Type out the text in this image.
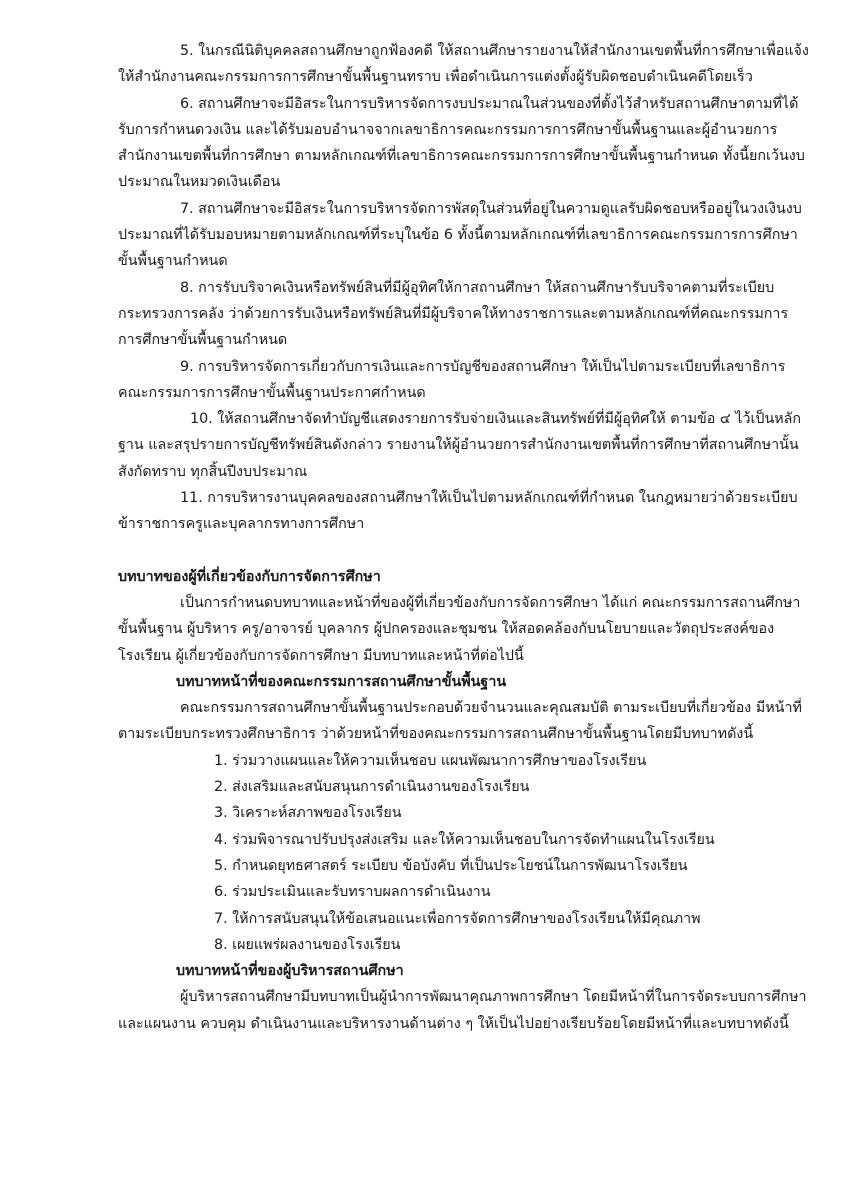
5. ในกรณีนิติบุคคลสถานศึกษาถูกฟ้องคดี ให้สถานศึกษารายงานให้สำนักงานเขตพื้นที่การศึกษาเพื่อแจ้งให้สำนักงานคณะกรรมการการศึกษาขั้นพื้นฐานทราบ เพื่อดำเนินการแต่งตั้งผู้รับผิดชอบดำเนินคดีโดยเร็ว

6. สถานศึกษาจะมีอิสระในการบริหารจัดการงบประมาณในส่วนของที่ตั้งไว้สำหรับสถานศึกษาตามที่ได้รับการกำหนดวงเงิน และได้รับมอบอำนาจจากเลขาธิการคณะกรรมการการศึกษาขั้นพื้นฐานและผู้อำนวยการสำนักงานเขตพื้นที่การศึกษา ตามหลักเกณฑ์ที่เลขาธิการคณะกรรมการการศึกษาขั้นพื้นฐานกำหนด ทั้งนี้ยกเว้นงบประมาณในหมวดเงินเดือน

7. สถานศึกษาจะมีอิสระในการบริหารจัดการพัสดุในส่วนที่อยู่ในความดูแลรับผิดชอบหรืออยู่ในวงเงินงบประมาณที่ได้รับมอบหมายตามหลักเกณฑ์ที่ระบุในข้อ 6 ทั้งนี้ตามหลักเกณฑ์ที่เลขาธิการคณะกรรมการการศึกษาขั้นพื้นฐานกำหนด

8. การรับบริจาคเงินหรือทรัพย์สินที่มีผู้อุทิศให้กาสถานศึกษา ให้สถานศึกษารับบริจาคตามที่ระเบียบกระทรวงการคลัง ว่าด้วยการรับเงินหรือทรัพย์สินที่มีผู้บริจาคให้ทางราชการและตามหลักเกณฑ์ที่คณะกรรมการการศึกษาขั้นพื้นฐานกำหนด

9. การบริหารจัดการเกี่ยวกับการเงินและการบัญชีของสถานศึกษา ให้เป็นไปตามระเบียบที่เลขาธิการคณะกรรมการการศึกษาขั้นพื้นฐานประกาศกำหนด

10. ให้สถานศึกษาจัดทำบัญชีแสดงรายการรับจ่ายเงินและสินทรัพย์ที่มีผู้อุทิศให้ ตามข้อ ๔ ไว้เป็นหลักฐาน และสรุปรายการบัญชีทรัพย์สินดังกล่าว รายงานให้ผู้อำนวยการสำนักงานเขตพื้นที่การศึกษาที่สถานศึกษานั้นสังกัดทราบ ทุกสิ้นปีงบประมาณ

11. การบริหารงานบุคคลของสถานศึกษาให้เป็นไปตามหลักเกณฑ์ที่กำหนด ในกฎหมายว่าด้วยระเบียบข้าราชการครูและบุคลากรทางการศึกษา

บทบาทของผู้ที่เกี่ยวข้องกับการจัดการศึกษา

เป็นการกำหนดบทบาทและหน้าที่ของผู้ที่เกี่ยวข้องกับการจัดการศึกษา ได้แก่ คณะกรรมการสถานศึกษาขั้นพื้นฐาน ผู้บริหาร ครู/อาจารย์ บุคลากร ผู้ปกครองและชุมชน ให้สอดคล้องกับนโยบายและวัตถุประสงค์ของโรงเรียน ผู้เกี่ยวข้องกับการจัดการศึกษา มีบทบาทและหน้าที่ต่อไปนี้

บทบาทหน้าที่ของคณะกรรมการสถานศึกษาขั้นพื้นฐาน

คณะกรรมการสถานศึกษาขั้นพื้นฐานประกอบด้วยจำนวนและคุณสมบัติ ตามระเบียบที่เกี่ยวข้อง มีหน้าที่ตามระเบียบกระทรวงศึกษาธิการ ว่าด้วยหน้าที่ของคณะกรรมการสถานศึกษาขั้นพื้นฐานโดยมีบทบาทดังนี้

1. ร่วมวางแผนและให้ความเห็นชอบ แผนพัฒนาการศึกษาของโรงเรียน
2. ส่งเสริมและสนับสนุนการดำเนินงานของโรงเรียน
3. วิเคราะห์สภาพของโรงเรียน
4. ร่วมพิจารณาปรับปรุงส่งเสริม และให้ความเห็นชอบในการจัดทำแผนในโรงเรียน
5. กำหนดยุทธศาสตร์ ระเบียบ ข้อบังคับ ที่เป็นประโยชน์ในการพัฒนาโรงเรียน
6. ร่วมประเมินและรับทราบผลการดำเนินงาน
7. ให้การสนับสนุนให้ข้อเสนอแนะเพื่อการจัดการศึกษาของโรงเรียนให้มีคุณภาพ
8. เผยแพร่ผลงานของโรงเรียน
บทบาทหน้าที่ของผู้บริหารสถานศึกษา

ผู้บริหารสถานศึกษามีบทบาทเป็นผู้นำการพัฒนาคุณภาพการศึกษา โดยมีหน้าที่ในการจัดระบบการศึกษาและแผนงาน ควบคุม ดำเนินงานและบริหารงานด้านต่าง ๆ ให้เป็นไปอย่างเรียบร้อยโดยมีหน้าที่และบทบาทดังนี้
